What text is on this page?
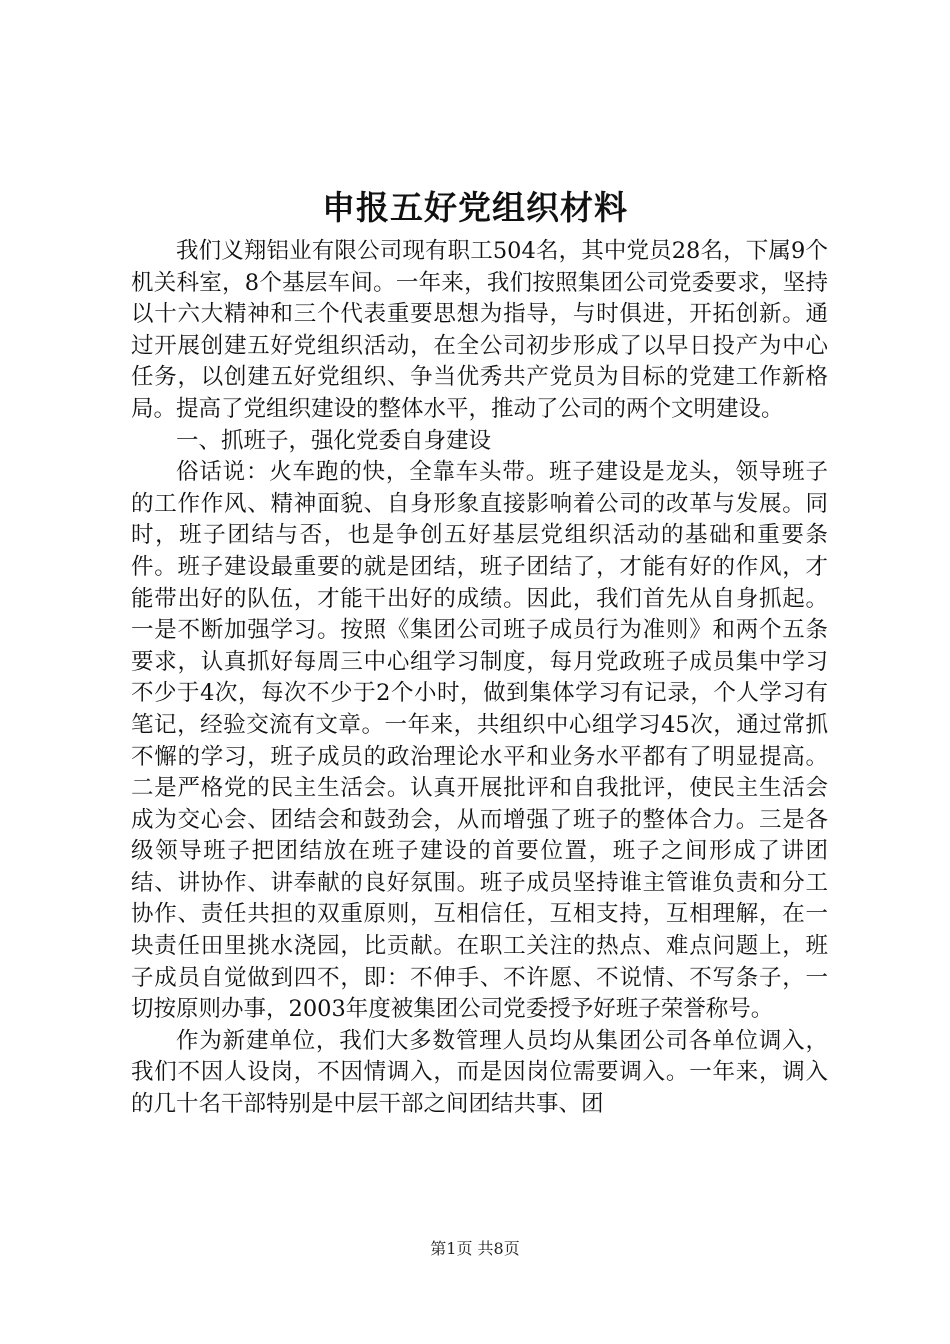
申报五好党组织材料

我们义翔铝业有限公司现有职工504名，其中党员28名，下属9个机关科室，8个基层车间。一年来，我们按照集团公司党委要求，坚持以十六大精神和三个代表重要思想为指导，与时俱进，开拓创新。通过开展创建五好党组织活动，在全公司初步形成了以早日投产为中心任务，以创建五好党组织、争当优秀共产党员为目标的党建工作新格局。提高了党组织建设的整体水平，推动了公司的两个文明建设。

一、抓班子，强化党委自身建设

俗话说：火车跑的快，全靠车头带。班子建设是龙头，领导班子的工作作风、精神面貌、自身形象直接影响着公司的改革与发展。同时，班子团结与否，也是争创五好基层党组织活动的基础和重要条件。班子建设最重要的就是团结，班子团结了，才能有好的作风，才能带出好的队伍，才能干出好的成绩。因此，我们首先从自身抓起。一是不断加强学习。按照《集团公司班子成员行为准则》和两个五条要求，认真抓好每周三中心组学习制度，每月党政班子成员集中学习不少于4次，每次不少于2个小时，做到集体学习有记录，个人学习有笔记，经验交流有文章。一年来，共组织中心组学习45次，通过常抓不懈的学习，班子成员的政治理论水平和业务水平都有了明显提高。二是严格党的民主生活会。认真开展批评和自我批评，使民主生活会成为交心会、团结会和鼓劲会，从而增强了班子的整体合力。三是各级领导班子把团结放在班子建设的首要位置，班子之间形成了讲团结、讲协作、讲奉献的良好氛围。班子成员坚持谁主管谁负责和分工协作、责任共担的双重原则，互相信任，互相支持，互相理解，在一块责任田里挑水浇园，比贡献。在职工关注的热点、难点问题上，班子成员自觉做到四不，即：不伸手、不许愿、不说情、不写条子，一切按原则办事，2003年度被集团公司党委授予好班子荣誉称号。

作为新建单位，我们大多数管理人员均从集团公司各单位调入，我们不因人设岗，不因情调入，而是因岗位需要调入。一年来，调入的几十名干部特别是中层干部之间团结共事、团

第1页 共8页
